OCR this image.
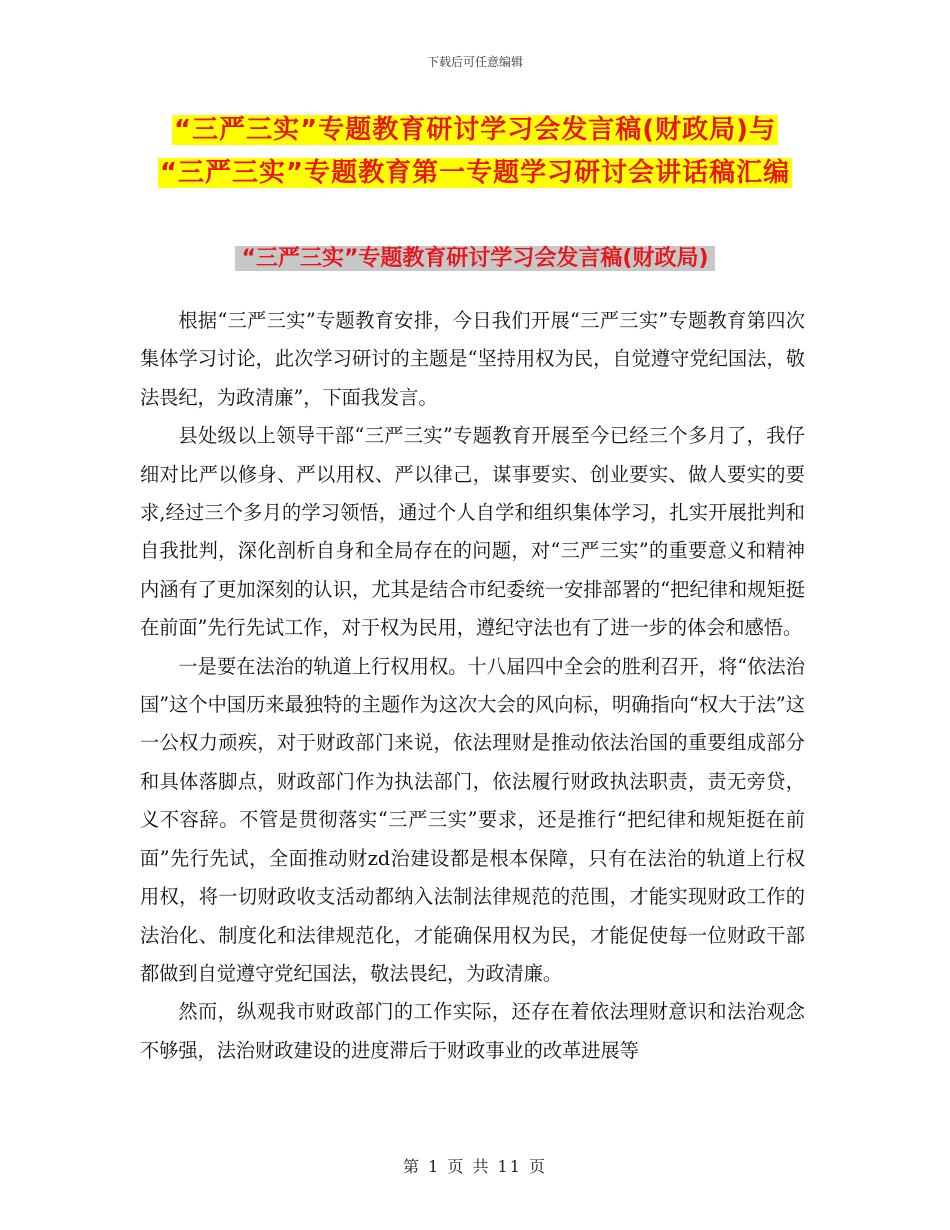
下载后可任意编辑
“三严三实”专题教育研讨学习会发言稿(财政局)与
“三严三实”专题教育第一专题学习研讨会讲话稿汇编
“三严三实”专题教育研讨学习会发言稿(财政局)

根据“三严三实”专题教育安排，今日我们开展“三严三实”专题教育第四次集体学习讨论，此次学习研讨的主题是“坚持用权为民，自觉遵守党纪国法，敬法畏纪，为政清廉”，下面我发言。

县处级以上领导干部“三严三实”专题教育开展至今已经三个多月了，我仔细对比严以修身、严以用权、严以律己，谋事要实、创业要实、做人要实的要求,经过三个多月的学习领悟，通过个人自学和组织集体学习，扎实开展批判和自我批判，深化剖析自身和全局存在的问题，对“三严三实”的重要意义和精神内涵有了更加深刻的认识，尤其是结合市纪委统一安排部署的“把纪律和规矩挺在前面”先行先试工作，对于权为民用，遵纪守法也有了进一步的体会和感悟。

一是要在法治的轨道上行权用权。十八届四中全会的胜利召开，将“依法治国”这个中国历来最独特的主题作为这次大会的风向标，明确指向“权大于法”这一公权力顽疾，对于财政部门来说，依法理财是推动依法治国的重要组成部分和具体落脚点，财政部门作为执法部门，依法履行财政执法职责，责无旁贷，义不容辞。不管是贯彻落实“三严三实”要求，还是推行“把纪律和规矩挺在前面”先行先试，全面推动财zd治建设都是根本保障，只有在法治的轨道上行权用权，将一切财政收支活动都纳入法制法律规范的范围，才能实现财政工作的法治化、制度化和法律规范化，才能确保用权为民，才能促使每一位财政干部都做到自觉遵守党纪国法，敬法畏纪，为政清廉。

然而，纵观我市财政部门的工作实际，还存在着依法理财意识和法治观念不够强，法治财政建设的进度滞后于财政事业的改革进展等

第 1 页 共 11 页
